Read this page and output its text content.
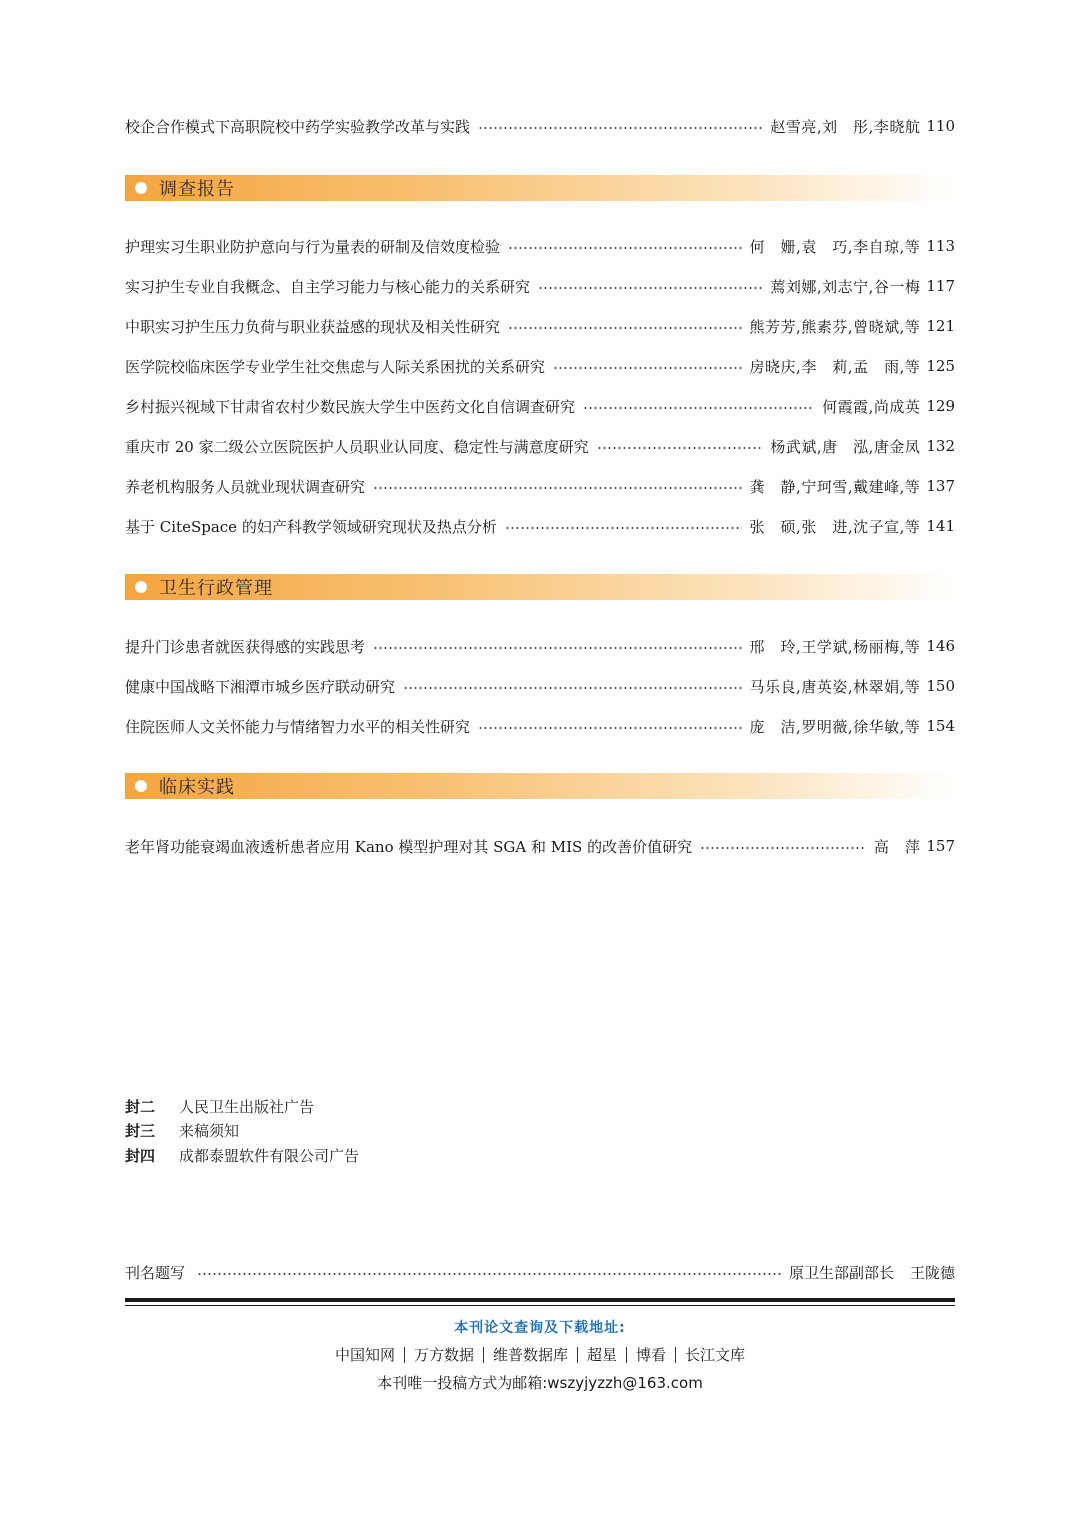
校企合作模式下高职院校中药学实验教学改革与实践	赵雪亮,刘　彤,李晓航 110
调查报告
护理实习生职业防护意向与行为量表的研制及信效度检验	何　姗,袁　巧,李自琼,等 113
实习护生专业自我概念、自主学习能力与核心能力的关系研究	蔫刘娜,刘志宁,谷一梅 117
中职实习护生压力负荷与职业获益感的现状及相关性研究	熊芳芳,熊素芬,曾晓斌,等 121
医学院校临床医学专业学生社交焦虑与人际关系困扰的关系研究	房晓庆,李　莉,孟　雨,等 125
乡村振兴视域下甘肃省农村少数民族大学生中医药文化自信调查研究	何霞霞,尚成英 129
重庆市 20 家二级公立医院医护人员职业认同度、稳定性与满意度研究	杨武斌,唐　泓,唐金凤 132
养老机构服务人员就业现状调查研究	龚　静,宁珂雪,戴建峰,等 137
基于 CiteSpace 的妇产科教学领域研究现状及热点分析	张　硕,张　进,沈子宣,等 141
卫生行政管理
提升门诊患者就医获得感的实践思考	邢　玲,王学斌,杨丽梅,等 146
健康中国战略下湘潭市城乡医疗联动研究	马乐良,唐英姿,林翠娟,等 150
住院医师人文关怀能力与情绪智力水平的相关性研究	庞　洁,罗明薇,徐华敏,等 154
临床实践
老年肾功能衰竭血液透析患者应用 Kano 模型护理对其 SGA 和 MIS 的改善价值研究	高　萍 157
封二	人民卫生出版社广告
封三	来稿须知
封四	成都泰盟软件有限公司广告
刊名题写	原卫生部副部长 王陇德
本刊论文查询及下载地址:
中国知网 万方数据 维普数据库 超星 博看 长江文库
本刊唯一投稿方式为邮箱:wszyjyzzh@163.com
